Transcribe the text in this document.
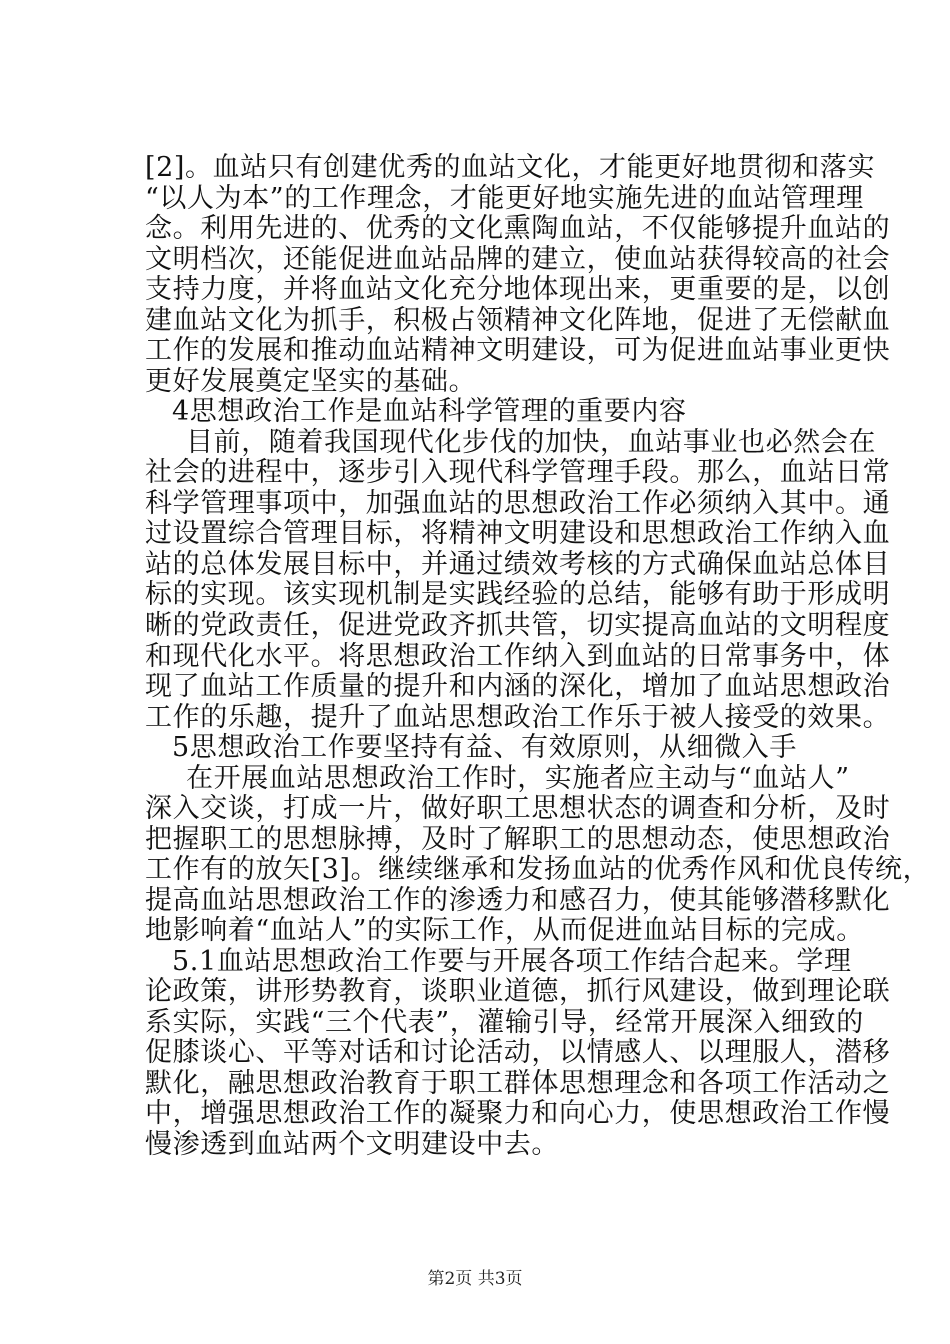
[2]。血站只有创建优秀的血站文化，才能更好地贯彻和落实
“以人为本”的工作理念，才能更好地实施先进的血站管理理
念。利用先进的、优秀的文化熏陶血站，不仅能够提升血站的
文明档次，还能促进血站品牌的建立，使血站获得较高的社会
支持力度，并将血站文化充分地体现出来，更重要的是，以创
建血站文化为抓手，积极占领精神文化阵地，促进了无偿献血
工作的发展和推动血站精神文明建设，可为促进血站事业更快
更好发展奠定坚实的基础。
4思想政治工作是血站科学管理的重要内容
目前，随着我国现代化步伐的加快，血站事业也必然会在
社会的进程中，逐步引入现代科学管理手段。那么，血站日常
科学管理事项中，加强血站的思想政治工作必须纳入其中。通
过设置综合管理目标，将精神文明建设和思想政治工作纳入血
站的总体发展目标中，并通过绩效考核的方式确保血站总体目
标的实现。该实现机制是实践经验的总结，能够有助于形成明
晰的党政责任，促进党政齐抓共管，切实提高血站的文明程度
和现代化水平。将思想政治工作纳入到血站的日常事务中，体
现了血站工作质量的提升和内涵的深化，增加了血站思想政治
工作的乐趣，提升了血站思想政治工作乐于被人接受的效果。
5思想政治工作要坚持有益、有效原则，从细微入手
在开展血站思想政治工作时，实施者应主动与“血站人”
深入交谈，打成一片，做好职工思想状态的调查和分析，及时
把握职工的思想脉搏，及时了解职工的思想动态，使思想政治
工作有的放矢[3]。继续继承和发扬血站的优秀作风和优良传统，
提高血站思想政治工作的渗透力和感召力，使其能够潜移默化
地影响着“血站人”的实际工作，从而促进血站目标的完成。
5.1血站思想政治工作要与开展各项工作结合起来。学理
论政策，讲形势教育，谈职业道德，抓行风建设，做到理论联
系实际，实践“三个代表”，灌输引导，经常开展深入细致的
促膝谈心、平等对话和讨论活动，以情感人、以理服人，潜移
默化，融思想政治教育于职工群体思想理念和各项工作活动之
中，增强思想政治工作的凝聚力和向心力，使思想政治工作慢
慢渗透到血站两个文明建设中去。
第2页 共3页
